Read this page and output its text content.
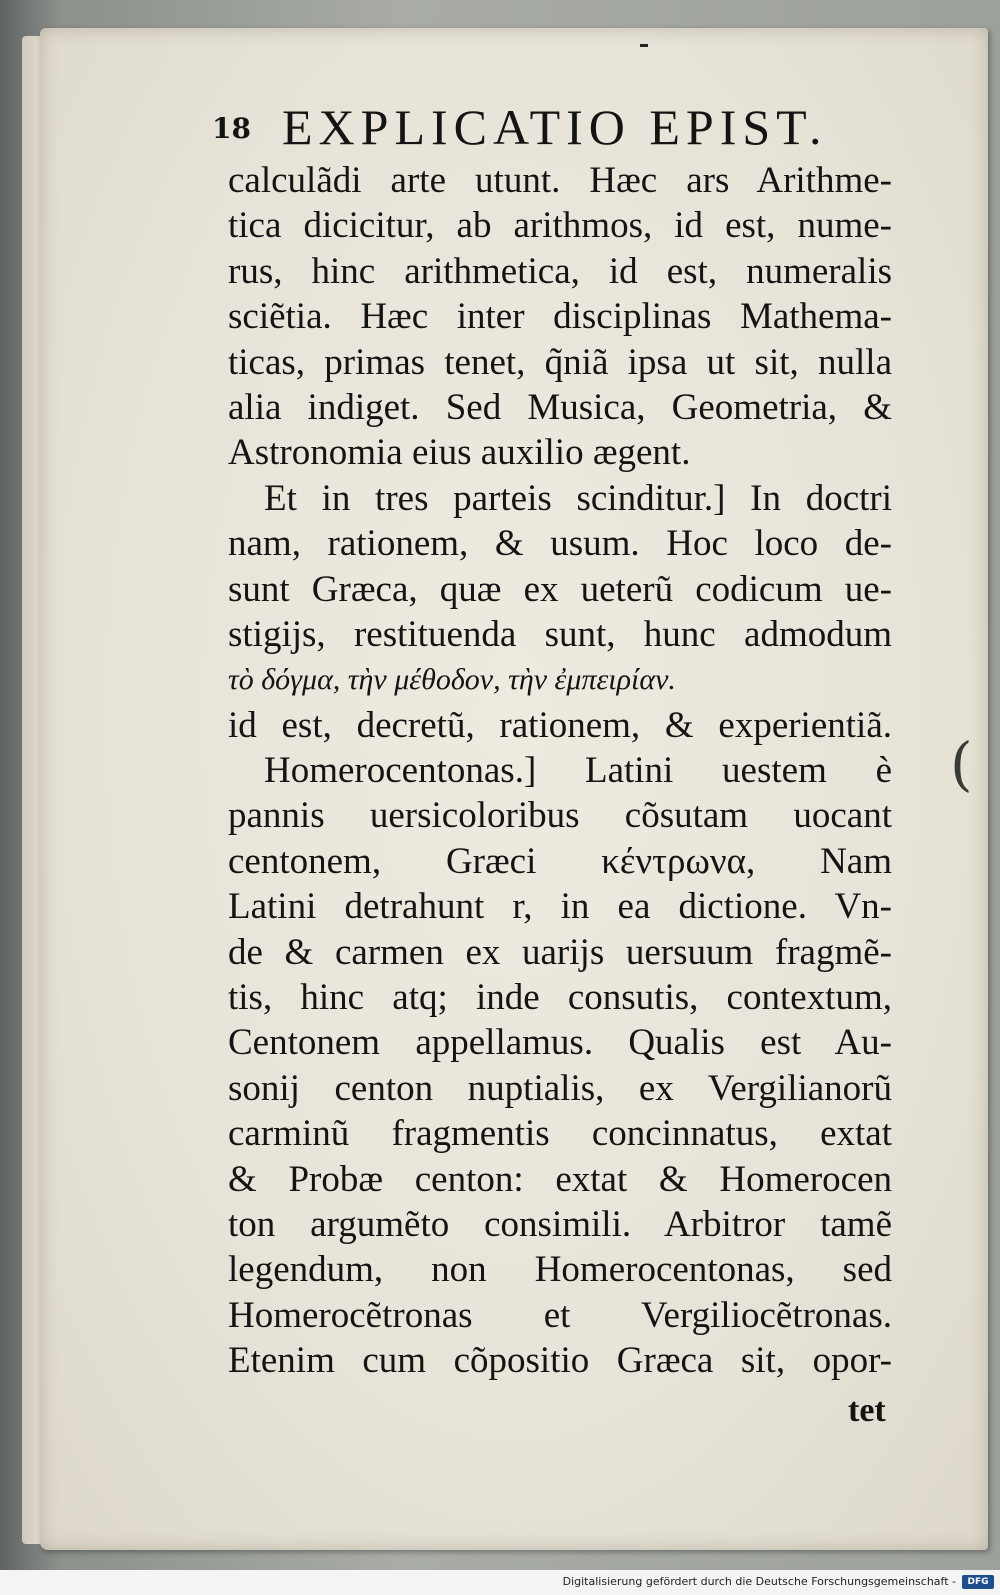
(
18 EXPLICATIO EPIST.
calculãdi arte utunt. Hæc ars Arithme-
tica dicicitur, ab arithmos, id est, nume-
rus, hinc arithmetica, id est, numeralis
sciẽtia. Hæc inter disciplinas Mathema-
ticas, primas tenet, q̃niã ipsa ut sit, nulla
alia indiget. Sed Musica, Geometria, &
Astronomia eius auxilio ægent.
Et in tres parteis scinditur.] In doctri
nam, rationem, & usum. Hoc loco de-
sunt Græca, quæ ex ueterũ codicum ue-
stigijs, restituenda sunt, hunc admodum
τὸ δόγμα, τὴν μέθοδον, τὴν ἐμπειρίαν.
id est, decretũ, rationem, & experientiã.
Homerocentonas.] Latini uestem è
pannis uersicoloribus cõsutam uocant
centonem, Græci κέντρωνα, Nam
Latini detrahunt r, in ea dictione. Vn-
de & carmen ex uarijs uersuum fragmẽ-
tis, hinc atq; inde consutis, contextum,
Centonem appellamus. Qualis est Au-
sonij centon nuptialis, ex Vergilianorũ
carminũ fragmentis concinnatus, extat
& Probæ centon: extat & Homerocen
ton argumẽto consimili. Arbitror tamẽ
legendum, non Homerocentonas, sed
Homerocẽtronas et Vergiliocẽtronas.
Etenim cum cõpositio Græca sit, opor-
tet
Digitalisierung gefördert durch die Deutsche Forschungsgemeinschaft -	DFG
